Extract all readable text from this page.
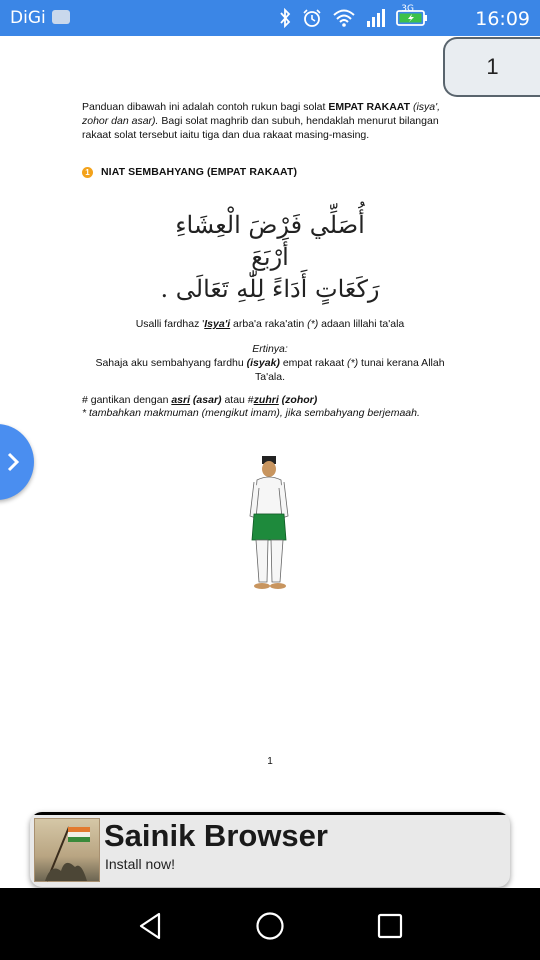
DiGi	3G	16:09
1

Panduan dibawah ini adalah contoh rukun bagi solat EMPAT RAKAAT (isya', zohor dan asar). Bagi solat maghrib dan subuh, hendaklah menurut bilangan rakaat solat tersebut iaitu tiga dan dua rakaat masing-masing.

1	NIAT SEMBAHYANG (EMPAT RAKAAT)
أُصَلِّي فَرْضَ الْعِشَاءِ أَرْبَعَ
رَكَعَاتٍ أَدَاءً لِلّٰهِ تَعَالَى .

Usalli fardhaz 'Isya'i arba'a raka'atin (*) adaan lillahi ta'ala

Ertinya:

Sahaja aku sembahyang fardhu (isyak) empat rakaat (*) tunai kerana Allah Ta'ala.

# gantikan dengan asri (asar) atau #zuhri (zohor)

* tambahkan makmuman (mengikut imam), jika sembahyang berjemaah.

1

Sainik Browser
Install now!
